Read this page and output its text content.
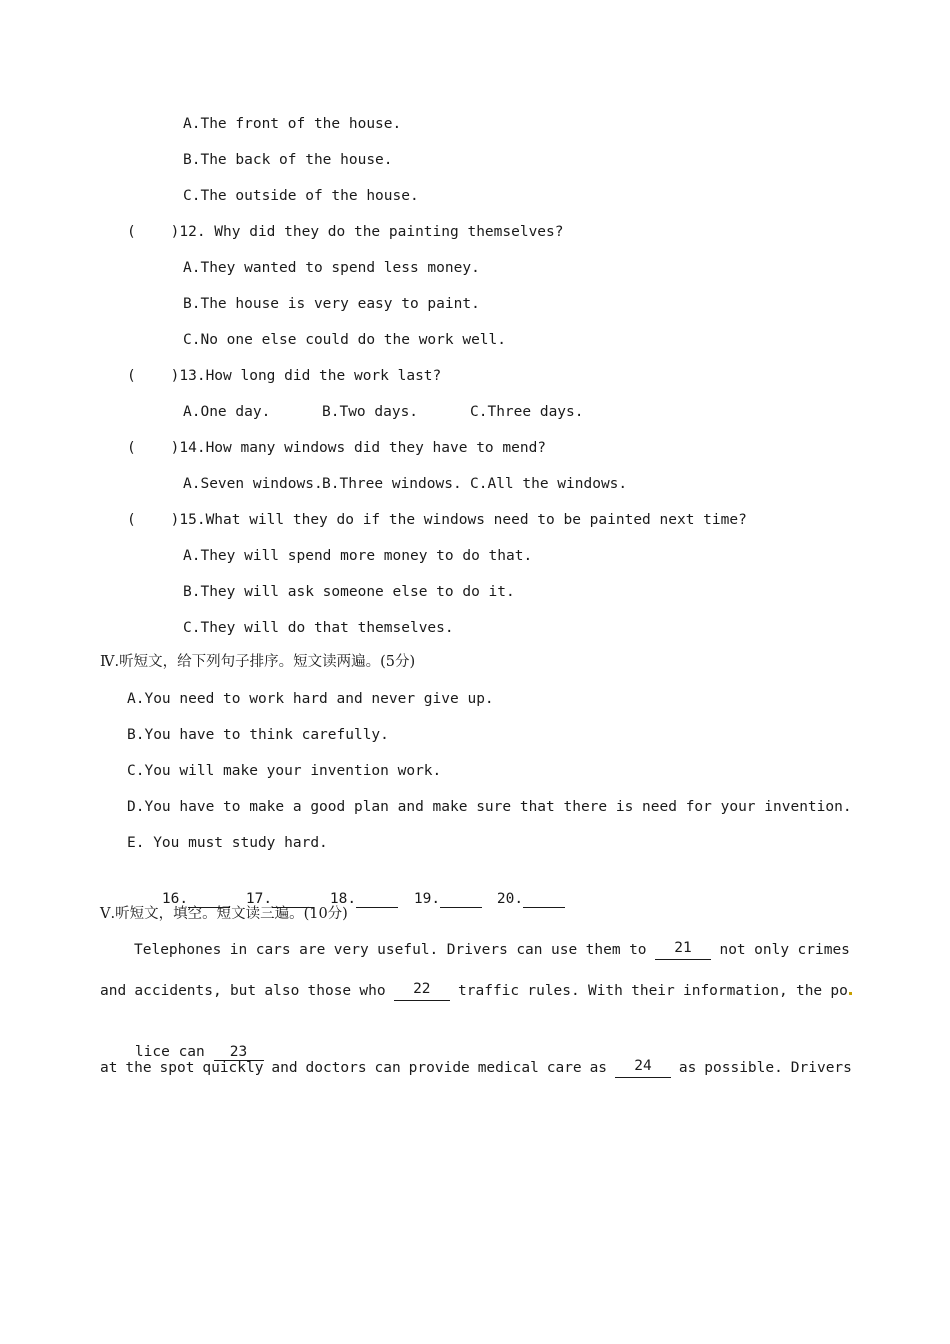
A.The front of the house.
B.The back of the house.
C.The outside of the house.
(    )12. Why did they do the painting themselves?
A.They wanted to spend less money.
B.The house is very easy to paint.
C.No one else could do the work well.
(    )13.How long did the work last?
A.One day.	B.Two days.	C.Three days.
(    )14.How many windows did they have to mend?
A.Seven windows. B.Three windows. C.All the windows.
(    )15.What will they do if the windows need to be painted next time?
A.They will spend more money to do that.
B.They will ask someone else to do it.
C.They will do that themselves.
Ⅳ.听短文，给下列句子排序。短文读两遍。(5分)
A.You need to work hard and never give up.
B.You have to think carefully.
C.You will make your invention work.
D.You have to make a good plan and make sure that there is need for your invention.
E. You must study hard.

16.
	17.
	18.
	19.
	20.

Ⅴ.听短文，填空。短文读三遍。(10分)
Telephones in cars are very useful. Drivers can use them to	21	not only crimes
and accidents, but also those who	22	traffic rules. With their information, the po

lice can 23

at the spot quickly and doctors can provide medical care as	24	as possible. Drivers
